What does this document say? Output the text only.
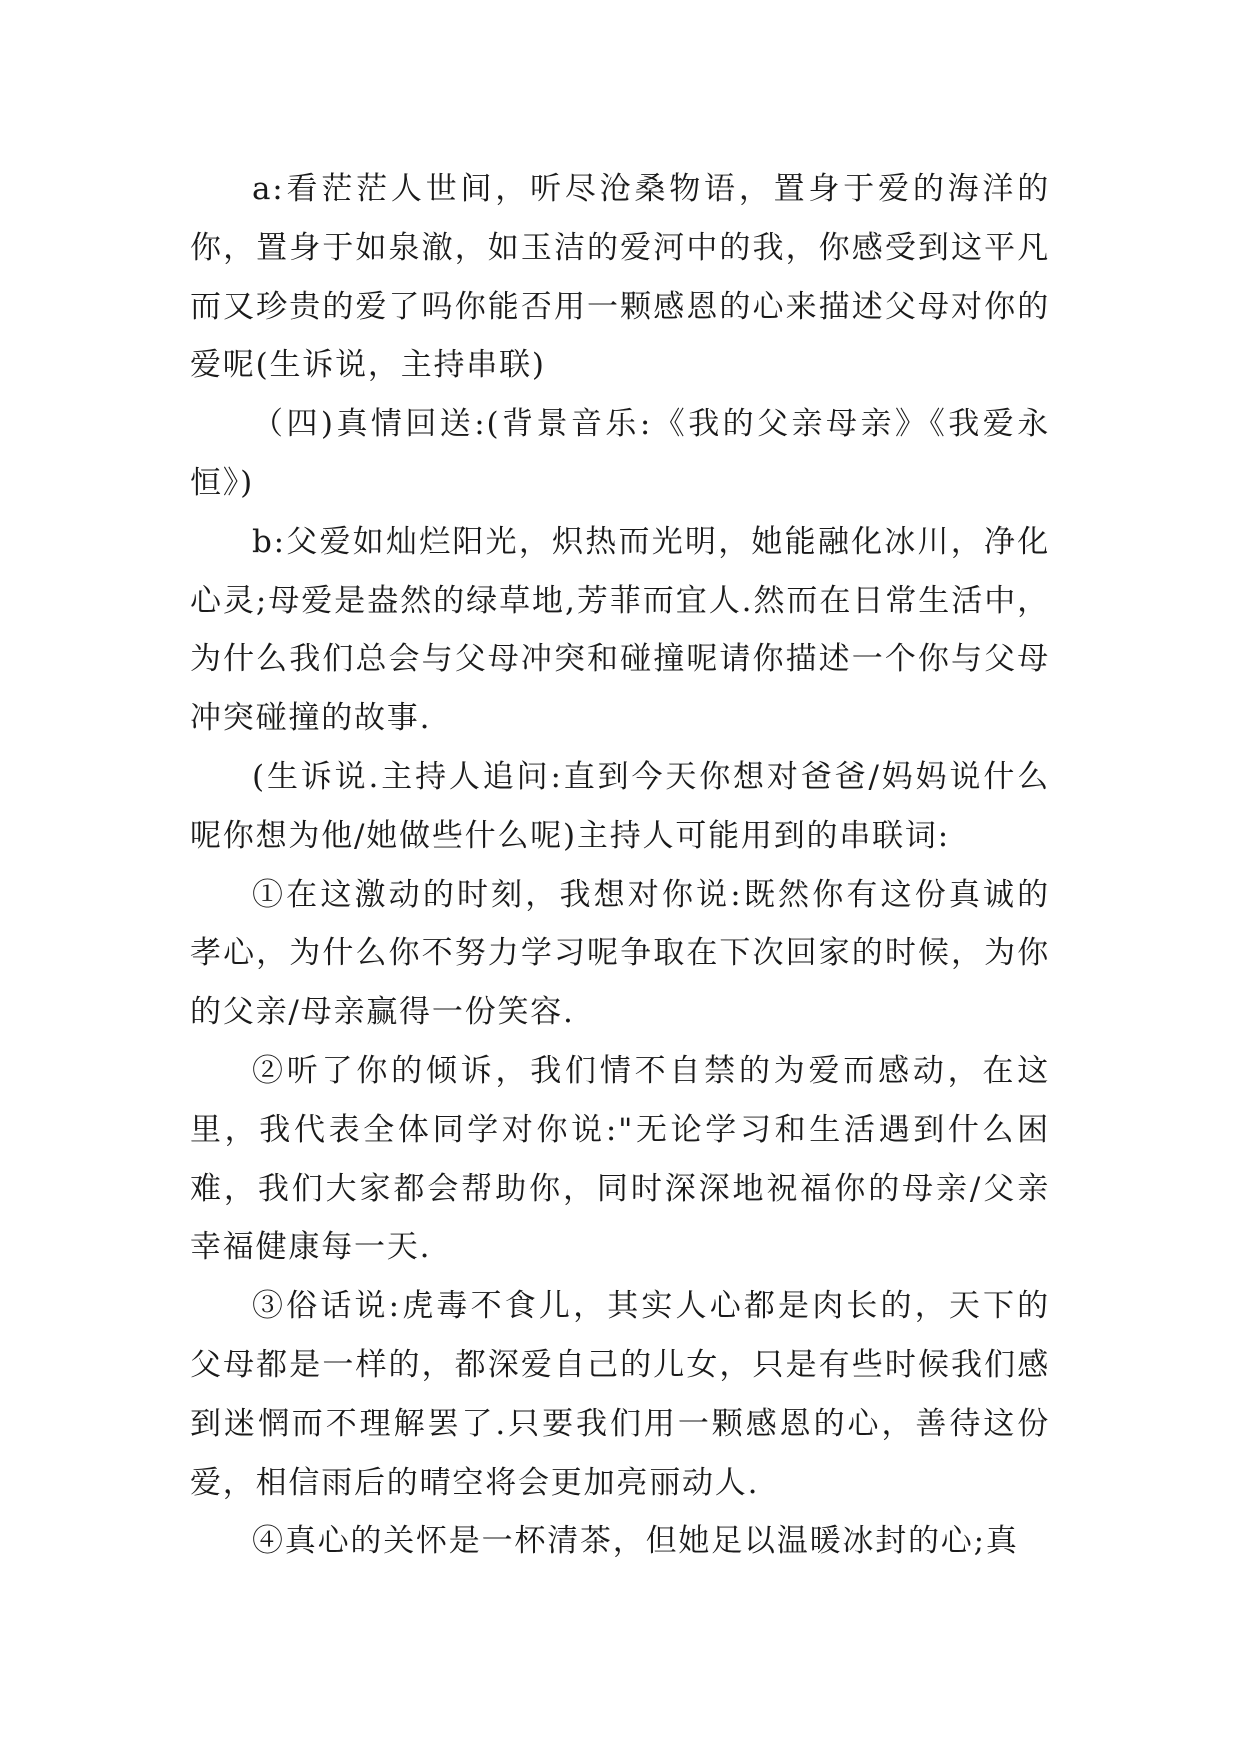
a:看茫茫人世间，听尽沧桑物语，置身于爱的海洋的你，置身于如泉澈，如玉洁的爱河中的我，你感受到这平凡而又珍贵的爱了吗你能否用一颗感恩的心来描述父母对你的爱呢(生诉说，主持串联)

（四)真情回送:(背景音乐:《我的父亲母亲》《我爱永恒》)

b:父爱如灿烂阳光，炽热而光明，她能融化冰川，净化心灵;母爱是盎然的绿草地,芳菲而宜人.然而在日常生活中，为什么我们总会与父母冲突和碰撞呢请你描述一个你与父母冲突碰撞的故事.

(生诉说.主持人追问:直到今天你想对爸爸/妈妈说什么呢你想为他/她做些什么呢)主持人可能用到的串联词:

①在这激动的时刻，我想对你说:既然你有这份真诚的孝心，为什么你不努力学习呢争取在下次回家的时候，为你的父亲/母亲赢得一份笑容.

②听了你的倾诉，我们情不自禁的为爱而感动，在这里，我代表全体同学对你说:"无论学习和生活遇到什么困难，我们大家都会帮助你，同时深深地祝福你的母亲/父亲幸福健康每一天.

③俗话说:虎毒不食儿，其实人心都是肉长的，天下的父母都是一样的，都深爱自己的儿女，只是有些时候我们感到迷惘而不理解罢了.只要我们用一颗感恩的心，善待这份爱，相信雨后的晴空将会更加亮丽动人.

④真心的关怀是一杯清茶，但她足以温暖冰封的心;真
